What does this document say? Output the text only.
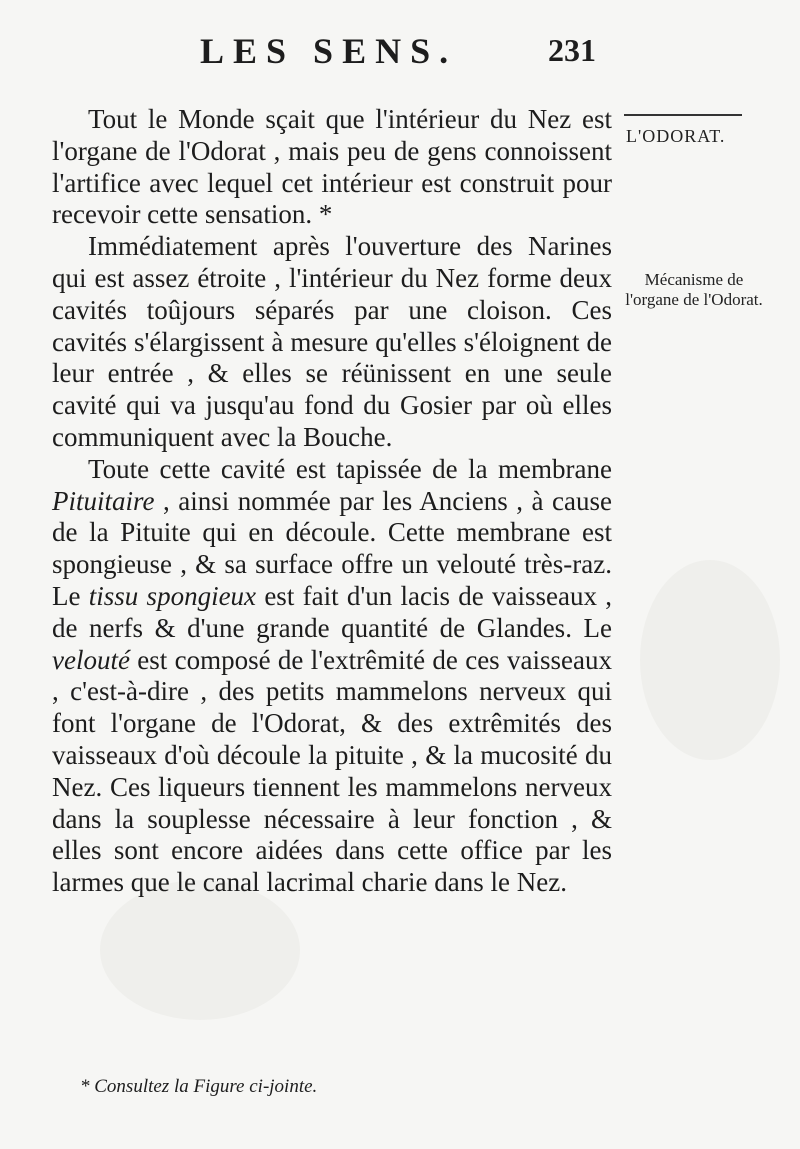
LES SENS.	231
L'ODORAT.
Mécanisme de l'organe de l'Odorat.

Tout le Monde sçait que l'intérieur du Nez est l'organe de l'Odorat , mais peu de gens connoissent l'artifice avec lequel cet intérieur est construit pour recevoir cette sensation. *

Immédiatement après l'ouverture des Narines qui est assez étroite , l'intérieur du Nez forme deux cavités toûjours séparés par une cloison. Ces cavités s'élargissent à mesure qu'elles s'éloignent de leur entrée , & elles se réünissent en une seule cavité qui va jusqu'au fond du Gosier par où elles communiquent avec la Bouche.

Toute cette cavité est tapissée de la membrane Pituitaire , ainsi nommée par les Anciens , à cause de la Pituite qui en découle. Cette membrane est spongieuse , & sa surface offre un velouté très-raz. Le tissu spongieux est fait d'un lacis de vaisseaux , de nerfs & d'une grande quantité de Glandes. Le velouté est composé de l'extrêmité de ces vaisseaux , c'est-à-dire , des petits mammelons nerveux qui font l'organe de l'Odorat, & des extrêmités des vaisseaux d'où découle la pituite , & la mucosité du Nez. Ces liqueurs tiennent les mammelons nerveux dans la souplesse nécessaire à leur fonction , & elles sont encore aidées dans cette office par les larmes que le canal lacrimal charie dans le Nez.

* Consultez la Figure ci-jointe.
